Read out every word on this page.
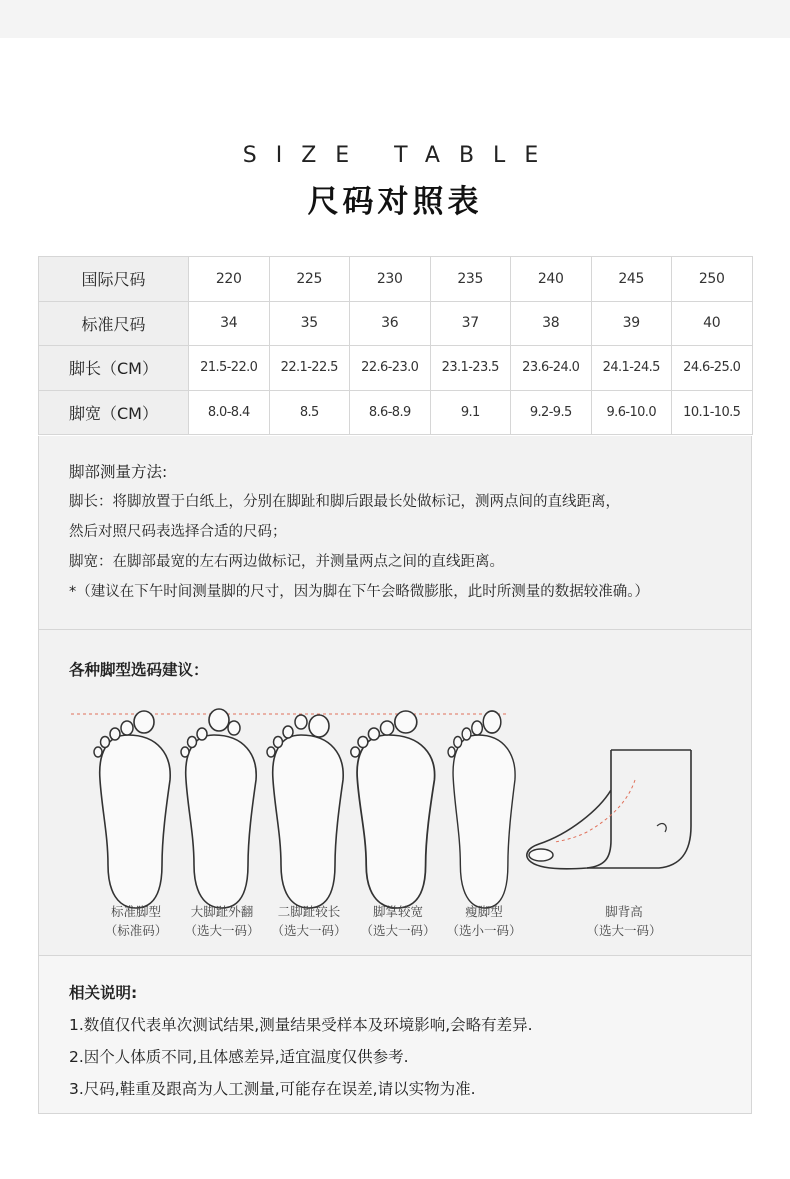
SIZE TABLE
尺码对照表
国际尺码	220	225	230	235	240	245	250
标准尺码	34	35	36	37	38	39	40
脚长（CM）	21.5-22.0	22.1-22.5	22.6-23.0	23.1-23.5	23.6-24.0	24.1-24.5	24.6-25.0
脚宽（CM）	8.0-8.4	8.5	8.6-8.9	9.1	9.2-9.5	9.6-10.0	10.1-10.5

脚部测量方法:

脚长：将脚放置于白纸上，分别在脚趾和脚后跟最长处做标记，测两点间的直线距离，

然后对照尺码表选择合适的尺码；

脚宽：在脚部最宽的左右两边做标记，并测量两点之间的直线距离。

*（建议在下午时间测量脚的尺寸，因为脚在下午会略微膨胀，此时所测量的数据较准确。）

各种脚型选码建议：
标准脚型
（标准码）
大脚趾外翻
（选大一码）
二脚趾较长
（选大一码）
脚掌较宽
（选大一码）
瘦脚型
（选小一码）
脚背高
（选大一码）

相关说明:

1.数值仅代表单次测试结果,测量结果受样本及环境影响,会略有差异.

2.因个人体质不同,且体感差异,适宜温度仅供参考.

3.尺码,鞋重及跟高为人工测量,可能存在误差,请以实物为准.
